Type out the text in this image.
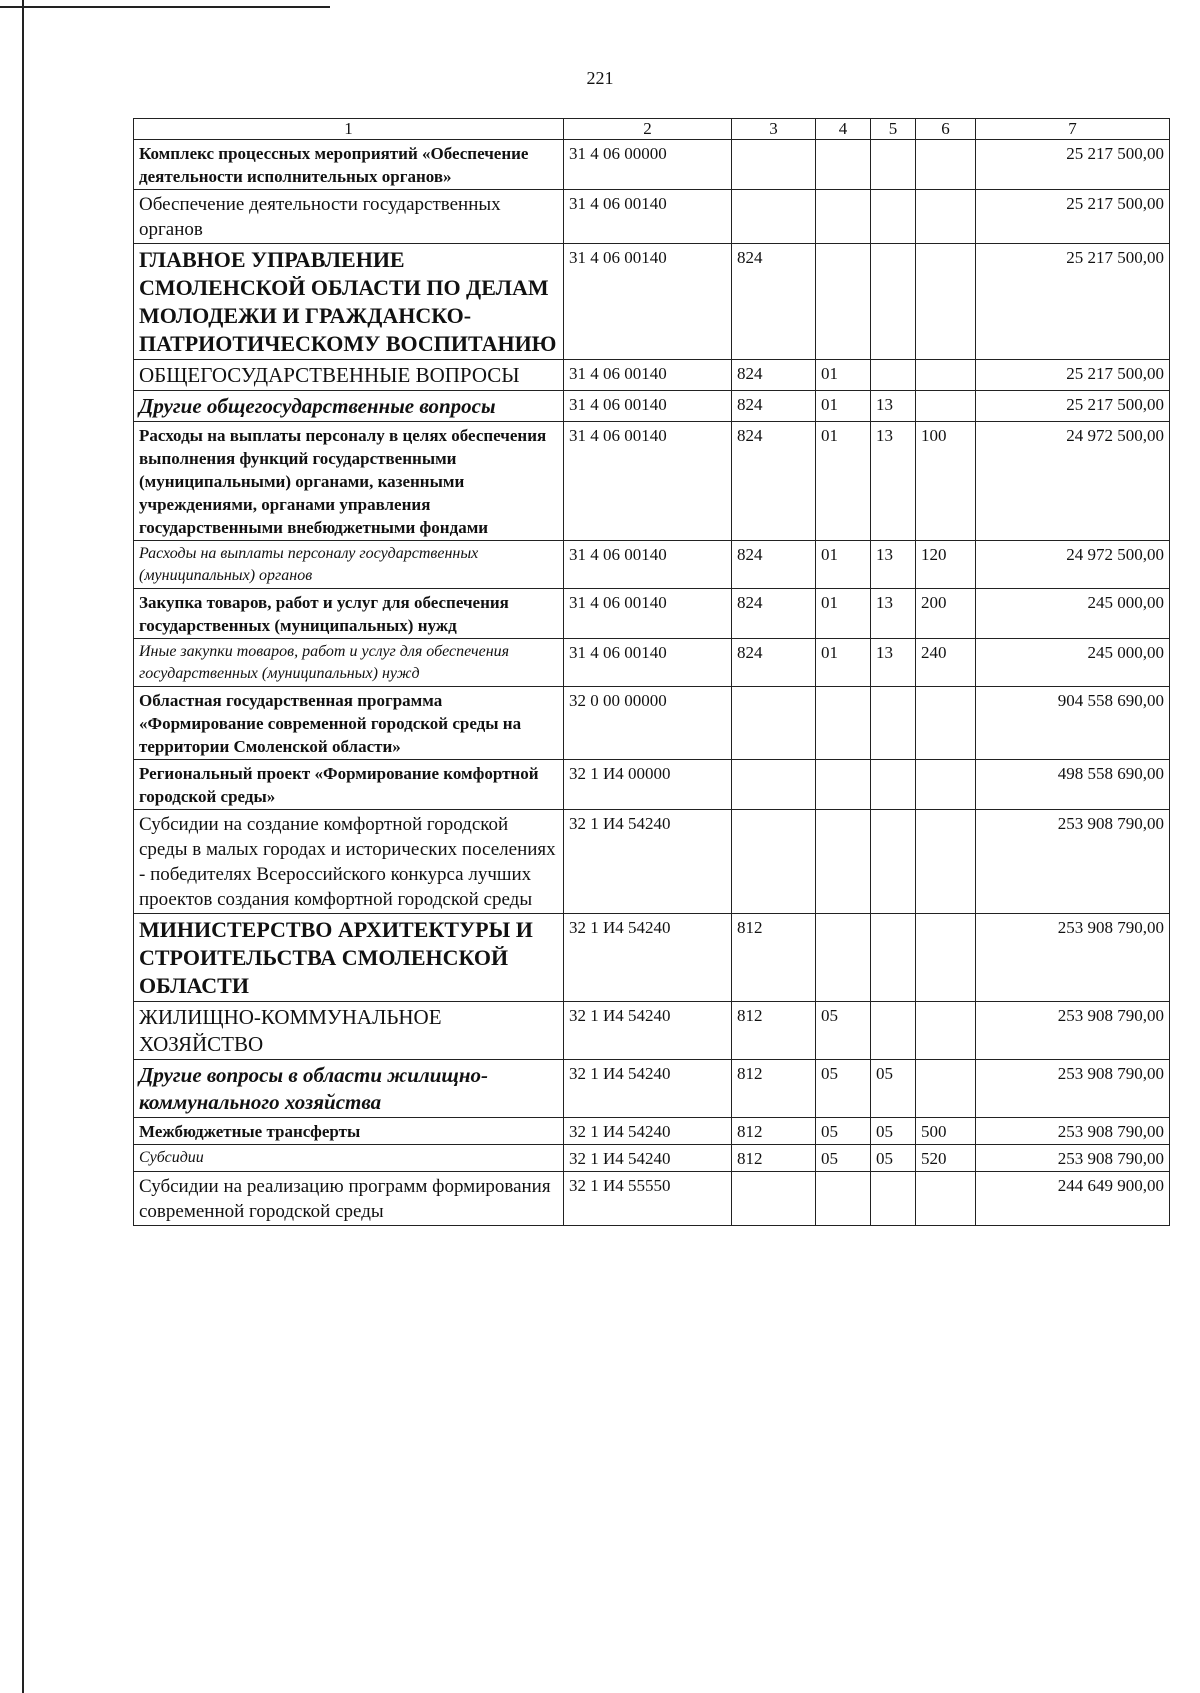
221
1	2	3	4	5	6	7
Комплекс процессных мероприятий «Обеспечение деятельности исполнительных органов»	31 4 06 00000					25 217 500,00
Обеспечение деятельности государственных органов	31 4 06 00140					25 217 500,00
ГЛАВНОЕ УПРАВЛЕНИЕ СМОЛЕНСКОЙ ОБЛАСТИ ПО ДЕЛАМ МОЛОДЕЖИ И ГРАЖДАНСКО-ПАТРИОТИЧЕСКОМУ ВОСПИТАНИЮ	31 4 06 00140	824				25 217 500,00
ОБЩЕГОСУДАРСТВЕННЫЕ ВОПРОСЫ	31 4 06 00140	824	01			25 217 500,00
Другие общегосударственные вопросы	31 4 06 00140	824	01	13		25 217 500,00
Расходы на выплаты персоналу в целях обеспечения выполнения функций государственными (муниципальными) органами, казенными учреждениями, органами управления государственными внебюджетными фондами	31 4 06 00140	824	01	13	100	24 972 500,00
Расходы на выплаты персоналу государственных (муниципальных) органов	31 4 06 00140	824	01	13	120	24 972 500,00
Закупка товаров, работ и услуг для обеспечения государственных (муниципальных) нужд	31 4 06 00140	824	01	13	200	245 000,00
Иные закупки товаров, работ и услуг для обеспечения государственных (муниципальных) нужд	31 4 06 00140	824	01	13	240	245 000,00
Областная государственная программа «Формирование современной городской среды на территории Смоленской области»	32 0 00 00000					904 558 690,00
Региональный проект «Формирование комфортной городской среды»	32 1 И4 00000					498 558 690,00
Субсидии на создание комфортной городской среды в малых городах и исторических поселениях - победителях Всероссийского конкурса лучших проектов создания комфортной городской среды	32 1 И4 54240					253 908 790,00
МИНИСТЕРСТВО АРХИТЕКТУРЫ И СТРОИТЕЛЬСТВА СМОЛЕНСКОЙ ОБЛАСТИ	32 1 И4 54240	812				253 908 790,00
ЖИЛИЩНО-КОММУНАЛЬНОЕ ХОЗЯЙСТВО	32 1 И4 54240	812	05			253 908 790,00
Другие вопросы в области жилищно-коммунального хозяйства	32 1 И4 54240	812	05	05		253 908 790,00
Межбюджетные трансферты	32 1 И4 54240	812	05	05	500	253 908 790,00
Субсидии	32 1 И4 54240	812	05	05	520	253 908 790,00
Субсидии на реализацию программ формирования современной городской среды	32 1 И4 55550					244 649 900,00
